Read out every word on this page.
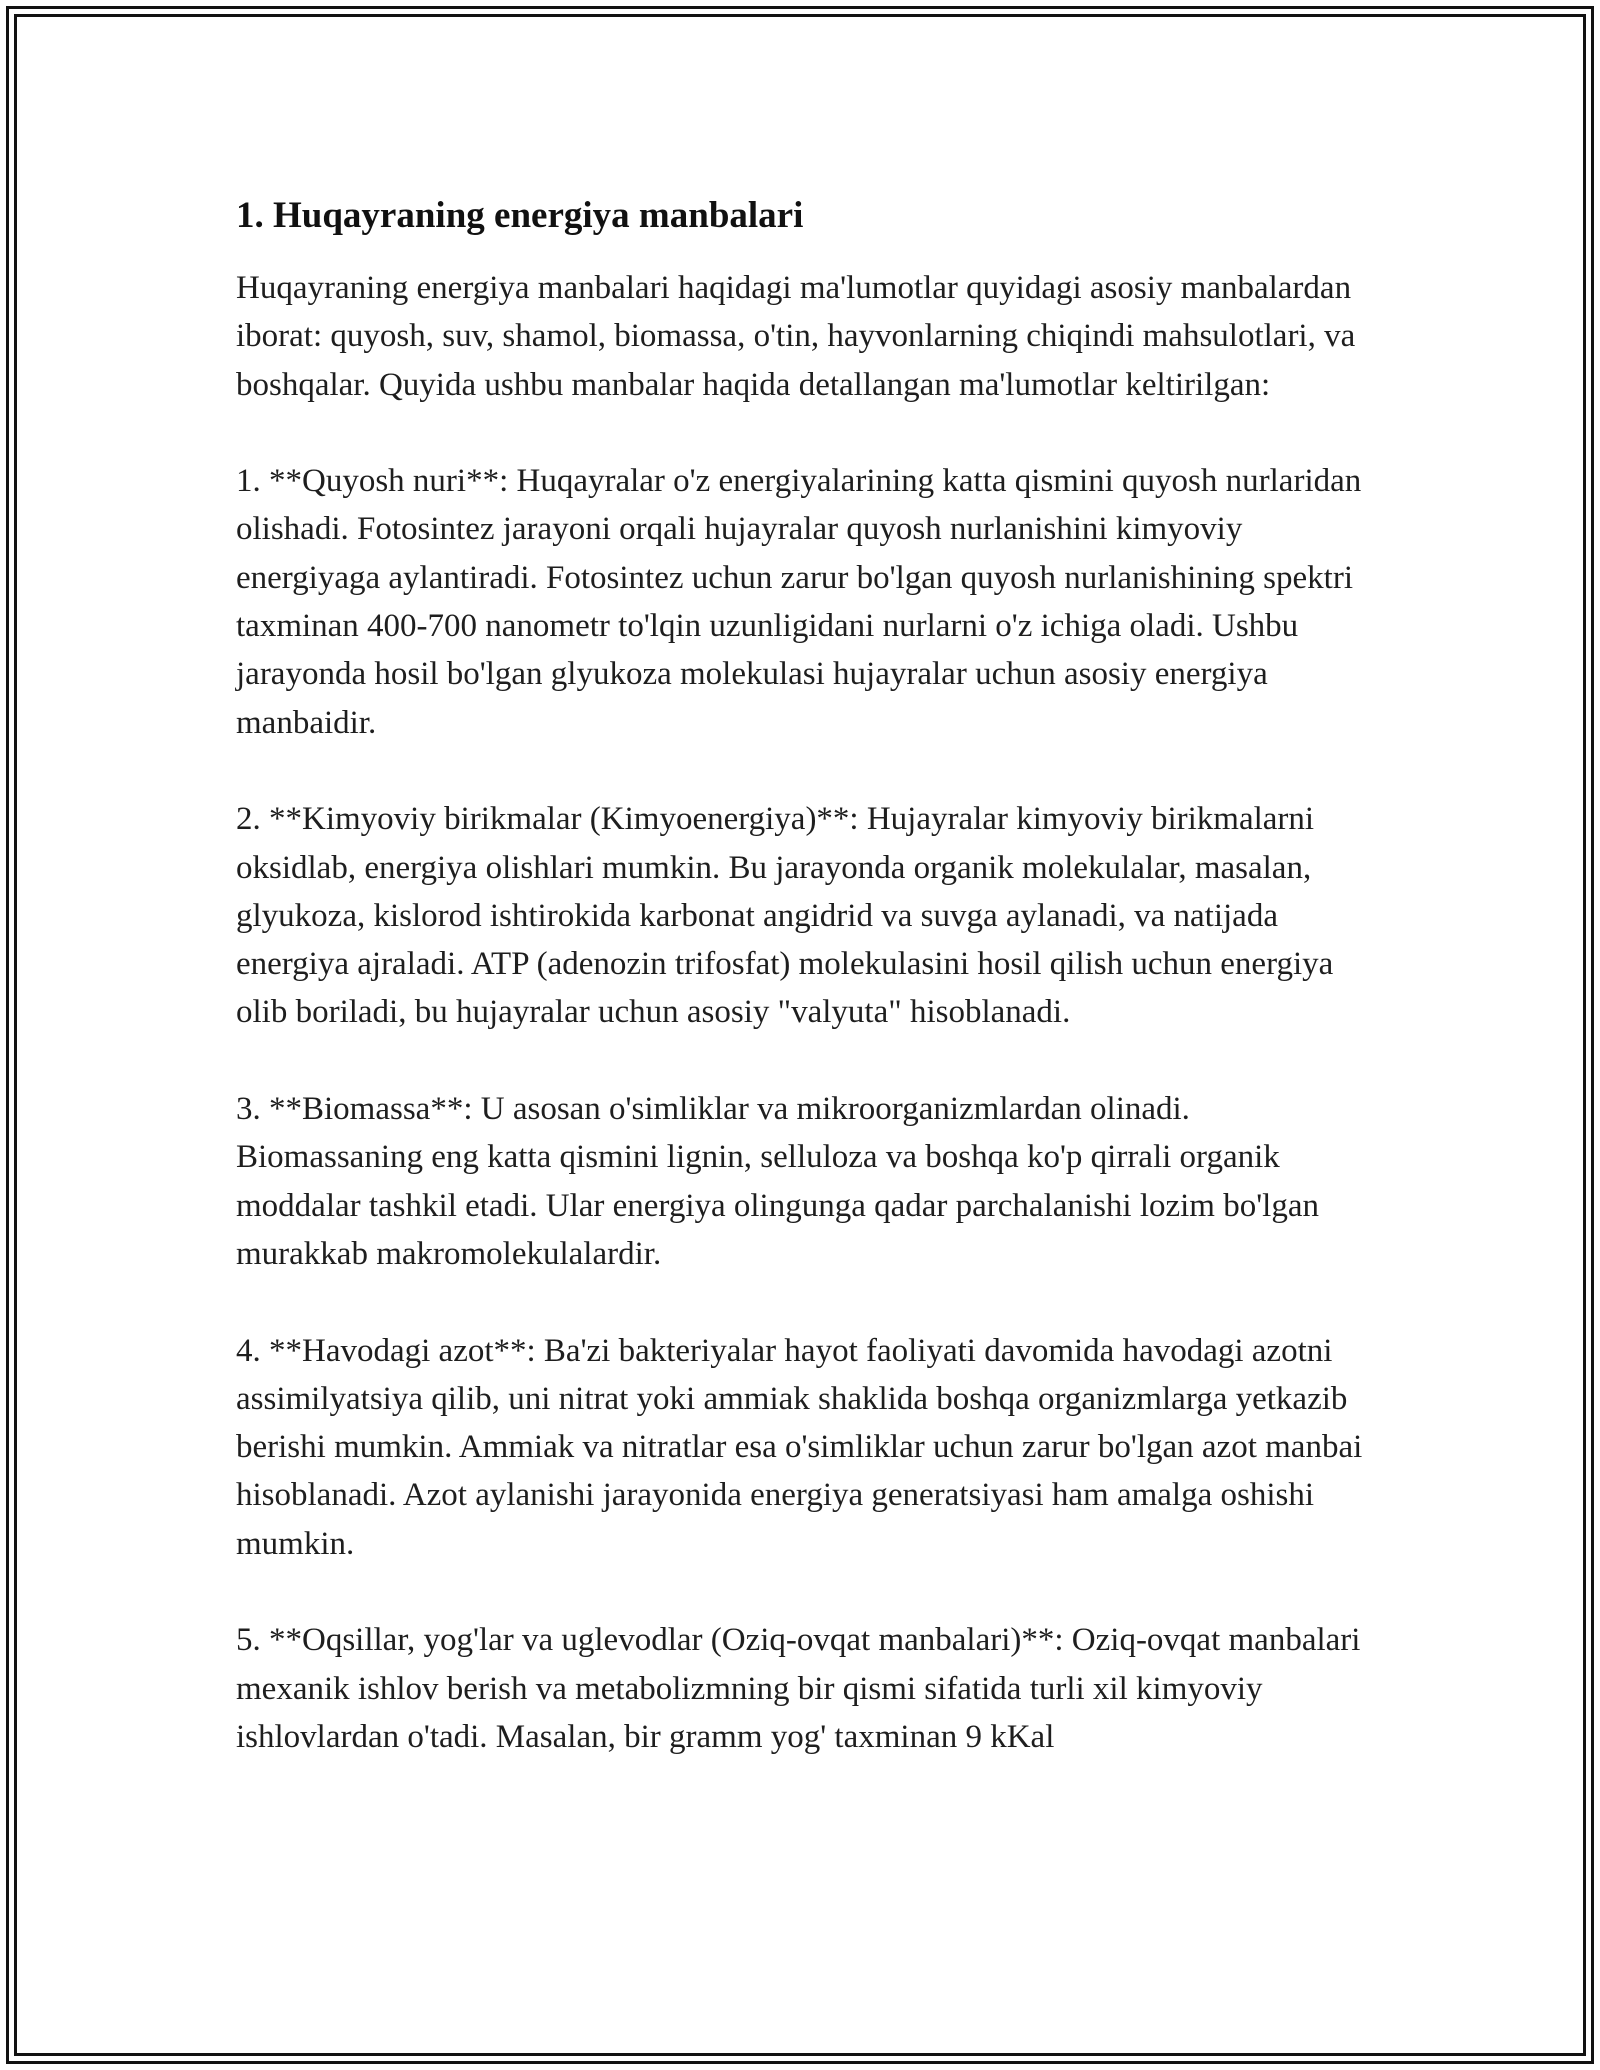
1. Huqayraning energiya manbalari

Huqayraning energiya manbalari haqidagi ma'lumotlar quyidagi asosiy manbalardan iborat: quyosh, suv, shamol, biomassa, o'tin, hayvonlarning chiqindi mahsulotlari, va boshqalar. Quyida ushbu manbalar haqida detallangan ma'lumotlar keltirilgan:

1. **Quyosh nuri**: Huqayralar o'z energiyalarining katta qismini quyosh nurlaridan olishadi. Fotosintez jarayoni orqali hujayralar quyosh nurlanishini kimyoviy energiyaga aylantiradi. Fotosintez uchun zarur bo'lgan quyosh nurlanishining spektri taxminan 400-700 nanometr to'lqin uzunligidani nurlarni o'z ichiga oladi. Ushbu jarayonda hosil bo'lgan glyukoza molekulasi hujayralar uchun asosiy energiya manbaidir.

2. **Kimyoviy birikmalar (Kimyoenergiya)**: Hujayralar kimyoviy birikmalarni oksidlab, energiya olishlari mumkin. Bu jarayonda organik molekulalar, masalan, glyukoza, kislorod ishtirokida karbonat angidrid va suvga aylanadi, va natijada energiya ajraladi. ATP (adenozin trifosfat) molekulasini hosil qilish uchun energiya olib boriladi, bu hujayralar uchun asosiy "valyuta" hisoblanadi.

3. **Biomassa**: U asosan o'simliklar va mikroorganizmlardan olinadi. Biomassaning eng katta qismini lignin, selluloza va boshqa ko'p qirrali organik moddalar tashkil etadi. Ular energiya olingunga qadar parchalanishi lozim bo'lgan murakkab makromolekulalardir.

4. **Havodagi azot**: Ba'zi bakteriyalar hayot faoliyati davomida havodagi azotni assimilyatsiya qilib, uni nitrat yoki ammiak shaklida boshqa organizmlarga yetkazib berishi mumkin. Ammiak va nitratlar esa o'simliklar uchun zarur bo'lgan azot manbai hisoblanadi. Azot aylanishi jarayonida energiya generatsiyasi ham amalga oshishi mumkin.

5. **Oqsillar, yog'lar va uglevodlar (Oziq-ovqat manbalari)**: Oziq-ovqat manbalari mexanik ishlov berish va metabolizmning bir qismi sifatida turli xil kimyoviy ishlovlardan o'tadi. Masalan, bir gramm yog' taxminan 9 kKal
